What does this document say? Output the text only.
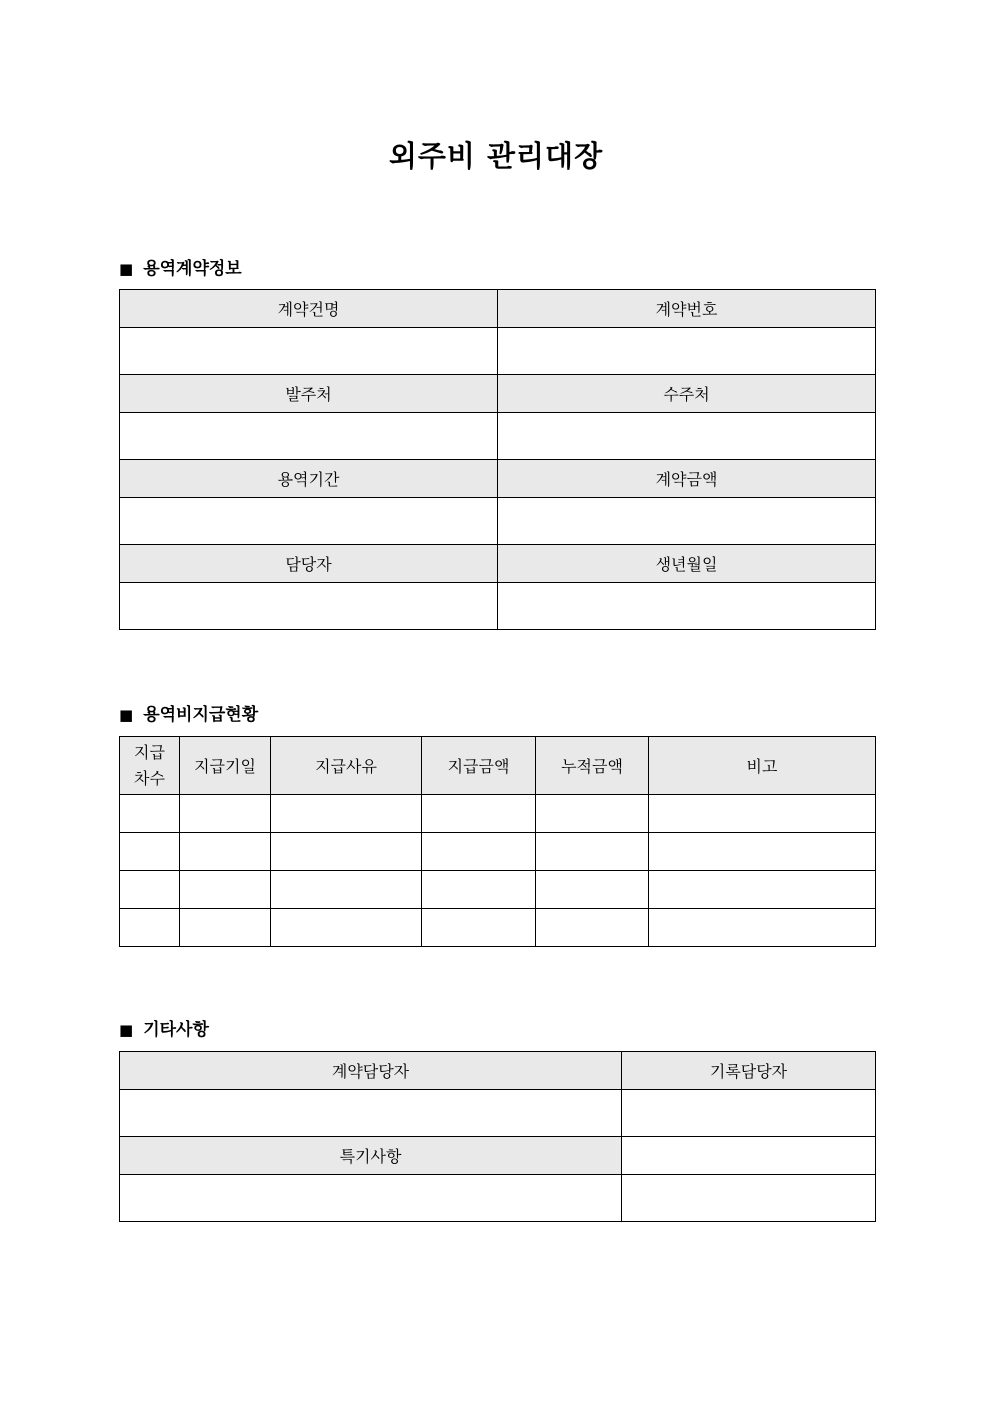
외주비 관리대장
■ 용역계약정보
계약건명	계약번호

발주처	수주처

용역기간	계약금액

담당자	생년월일

■ 용역비지급현황
지급
차수	지급기일	지급사유	지급금액	누적금액	비고

■ 기타사항
계약담당자	기록담당자

특기사항	
